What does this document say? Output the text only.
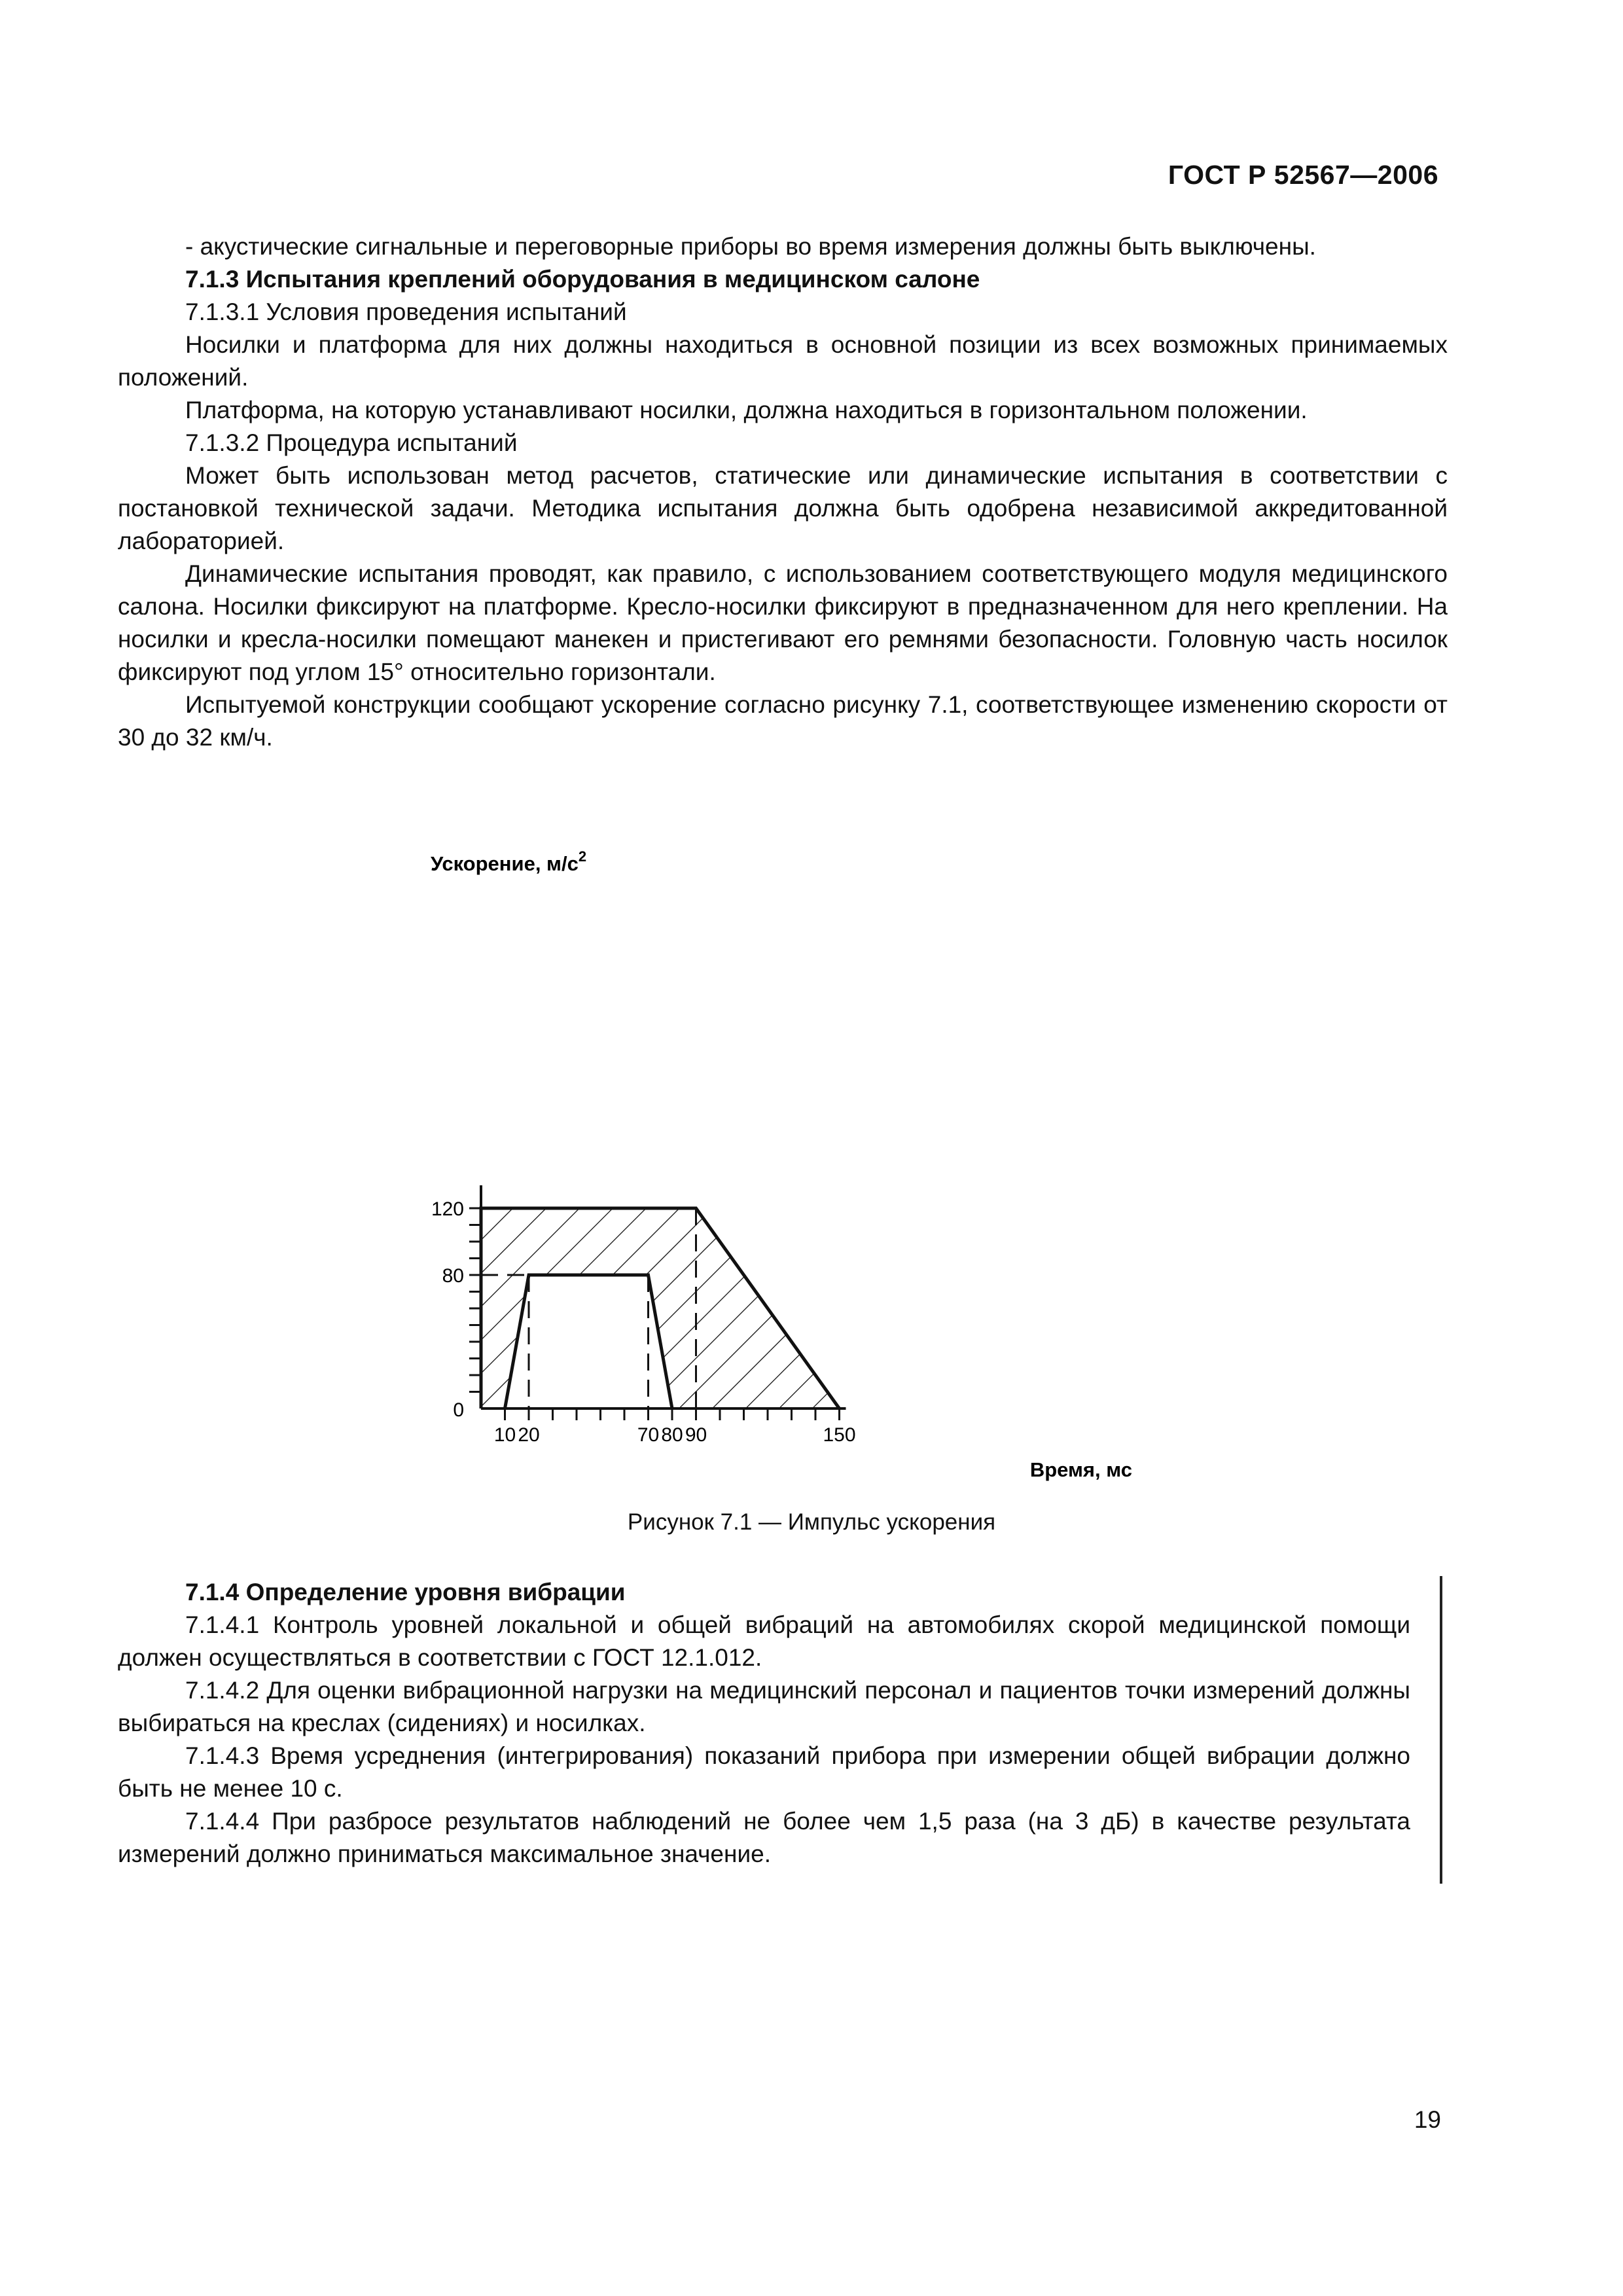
ГОСТ Р 52567—2006

- акустические сигнальные и переговорные приборы во время измерения должны быть выключены.

7.1.3 Испытания креплений оборудования в медицинском салоне

7.1.3.1 Условия проведения испытаний

Носилки и платформа для них должны находиться в основной позиции из всех возможных принимаемых положений.

Платформа, на которую устанавливают носилки, должна находиться в горизонтальном положении.

7.1.3.2 Процедура испытаний

Может быть использован метод расчетов, статические или динамические испытания в соответствии с постановкой технической задачи. Методика испытания должна быть одобрена независимой аккредитованной лабораторией.

Динамические испытания проводят, как правило, с использованием соответствующего модуля медицинского салона. Носилки фиксируют на платформе. Кресло-носилки фиксируют в предназначенном для него креплении. На носилки и кресла-носилки помещают манекен и пристегивают его ремнями безопасности. Головную часть носилок фиксируют под углом 15° относительно горизонтали.

Испытуемой конструкции сообщают ускорение согласно рисунку 7.1, соответствующее изменению скорости от 30 до 32 км/ч.

0
80
120
10 20	70 80 90	150
Ускорение, $м/с^2$
Время, мс
Рисунок 7.1 — Импульс ускорения

7.1.4 Определение уровня вибрации

7.1.4.1 Контроль уровней локальной и общей вибраций на автомобилях скорой медицинской помощи должен осуществляться в соответствии с ГОСТ 12.1.012.

7.1.4.2 Для оценки вибрационной нагрузки на медицинский персонал и пациентов точки измерений должны выбираться на креслах (сидениях) и носилках.

7.1.4.3 Время усреднения (интегрирования) показаний прибора при измерении общей вибрации должно быть не менее 10 с.

7.1.4.4 При разбросе результатов наблюдений не более чем 1,5 раза (на 3 дБ) в качестве результата измерений должно приниматься максимальное значение.

19
